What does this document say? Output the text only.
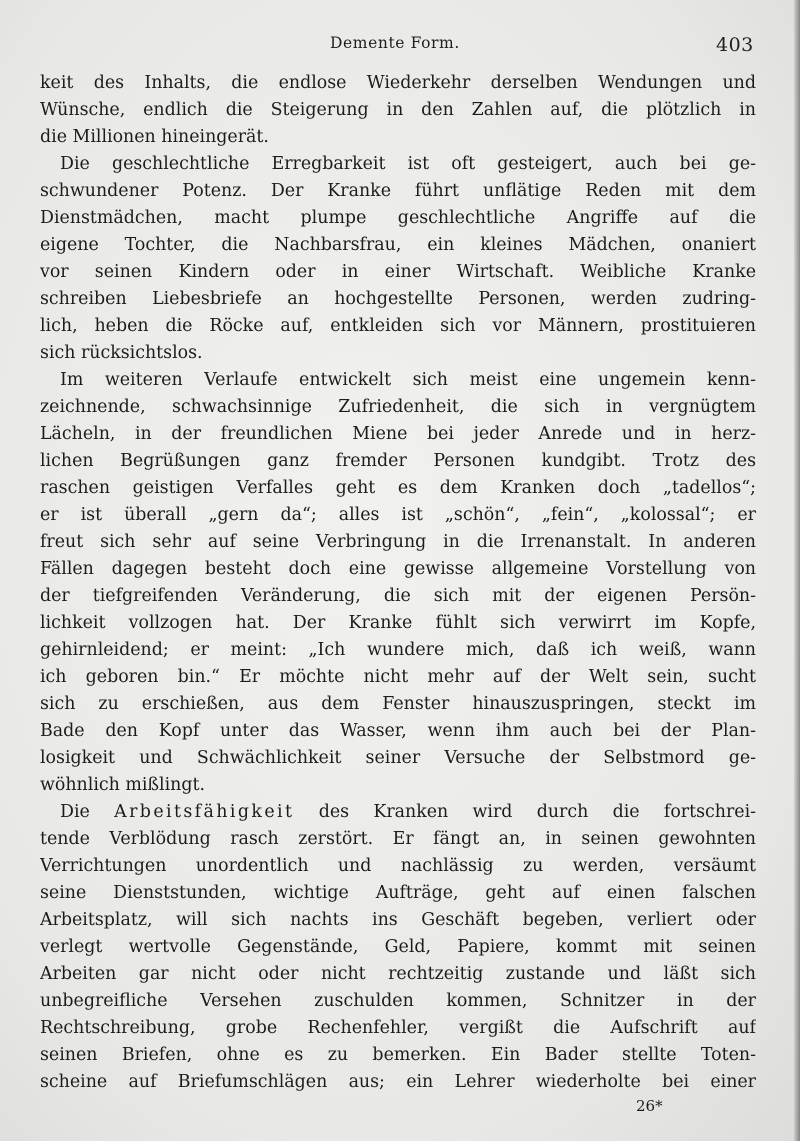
Demente Form.	403
keit des Inhalts, die endlose Wiederkehr derselben Wendungen und
Wünsche, endlich die Steigerung in den Zahlen auf, die plötzlich in
die Millionen hineingerät.
Die geschlechtliche Erregbarkeit ist oft gesteigert, auch bei ge-
schwundener Potenz. Der Kranke führt unflätige Reden mit dem
Dienstmädchen, macht plumpe geschlechtliche Angriffe auf die
eigene Tochter, die Nachbarsfrau, ein kleines Mädchen, onaniert
vor seinen Kindern oder in einer Wirtschaft. Weibliche Kranke
schreiben Liebesbriefe an hochgestellte Personen, werden zudring-
lich, heben die Röcke auf, entkleiden sich vor Männern, prostituieren
sich rücksichtslos.
Im weiteren Verlaufe entwickelt sich meist eine ungemein kenn-
zeichnende, schwachsinnige Zufriedenheit, die sich in vergnügtem
Lächeln, in der freundlichen Miene bei jeder Anrede und in herz-
lichen Begrüßungen ganz fremder Personen kundgibt. Trotz des
raschen geistigen Verfalles geht es dem Kranken doch „tadellos“;
er ist überall „gern da“; alles ist „schön“, „fein“, „kolossal“; er
freut sich sehr auf seine Verbringung in die Irrenanstalt. In anderen
Fällen dagegen besteht doch eine gewisse allgemeine Vorstellung von
der tiefgreifenden Veränderung, die sich mit der eigenen Persön-
lichkeit vollzogen hat. Der Kranke fühlt sich verwirrt im Kopfe,
gehirnleidend; er meint: „Ich wundere mich, daß ich weiß, wann
ich geboren bin.“ Er möchte nicht mehr auf der Welt sein, sucht
sich zu erschießen, aus dem Fenster hinauszuspringen, steckt im
Bade den Kopf unter das Wasser, wenn ihm auch bei der Plan-
losigkeit und Schwächlichkeit seiner Versuche der Selbstmord ge-
wöhnlich mißlingt.
Die Arbeitsfähigkeit des Kranken wird durch die fortschrei-
tende Verblödung rasch zerstört. Er fängt an, in seinen gewohnten
Verrichtungen unordentlich und nachlässig zu werden, versäumt
seine Dienststunden, wichtige Aufträge, geht auf einen falschen
Arbeitsplatz, will sich nachts ins Geschäft begeben, verliert oder
verlegt wertvolle Gegenstände, Geld, Papiere, kommt mit seinen
Arbeiten gar nicht oder nicht rechtzeitig zustande und läßt sich
unbegreifliche Versehen zuschulden kommen, Schnitzer in der
Rechtschreibung, grobe Rechenfehler, vergißt die Aufschrift auf
seinen Briefen, ohne es zu bemerken. Ein Bader stellte Toten-
scheine auf Briefumschlägen aus; ein Lehrer wiederholte bei einer
26*
